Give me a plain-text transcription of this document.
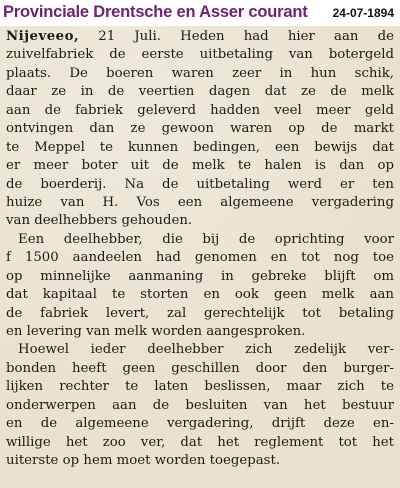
Provinciale Drentsche en Asser courant 24-07-1894
Nijeveeo, 21 Juli. Heden had hier aan de
zuivelfabriek de eerste uitbetaling van botergeld
plaats. De boeren waren zeer in hun schik,
daar ze in de veertien dagen dat ze de melk
aan de fabriek geleverd hadden veel meer geld
ontvingen dan ze gewoon waren op de markt
te Meppel te kunnen bedingen, een bewijs dat
er meer boter uit de melk te halen is dan op
de boerderij. Na de uitbetaling werd er ten
huize van H. Vos een algemeene vergadering
van deelhebbers gehouden.
Een deelhebber, die bij de oprichting voor
f 1500 aandeelen had genomen en tot nog toe
op minnelijke aanmaning in gebreke blijft om
dat kapitaal te storten en ook geen melk aan
de fabriek levert, zal gerechtelijk tot betaling
en levering van melk worden aangesproken.
Hoewel ieder deelhebber zich zedelijk ver-
bonden heeft geen geschillen door den burger-
lijken rechter te laten beslissen, maar zich te
onderwerpen aan de besluiten van het bestuur
en de algemeene vergadering, drijft deze en-
willige het zoo ver, dat het reglement tot het
uiterste op hem moet worden toegepast.
